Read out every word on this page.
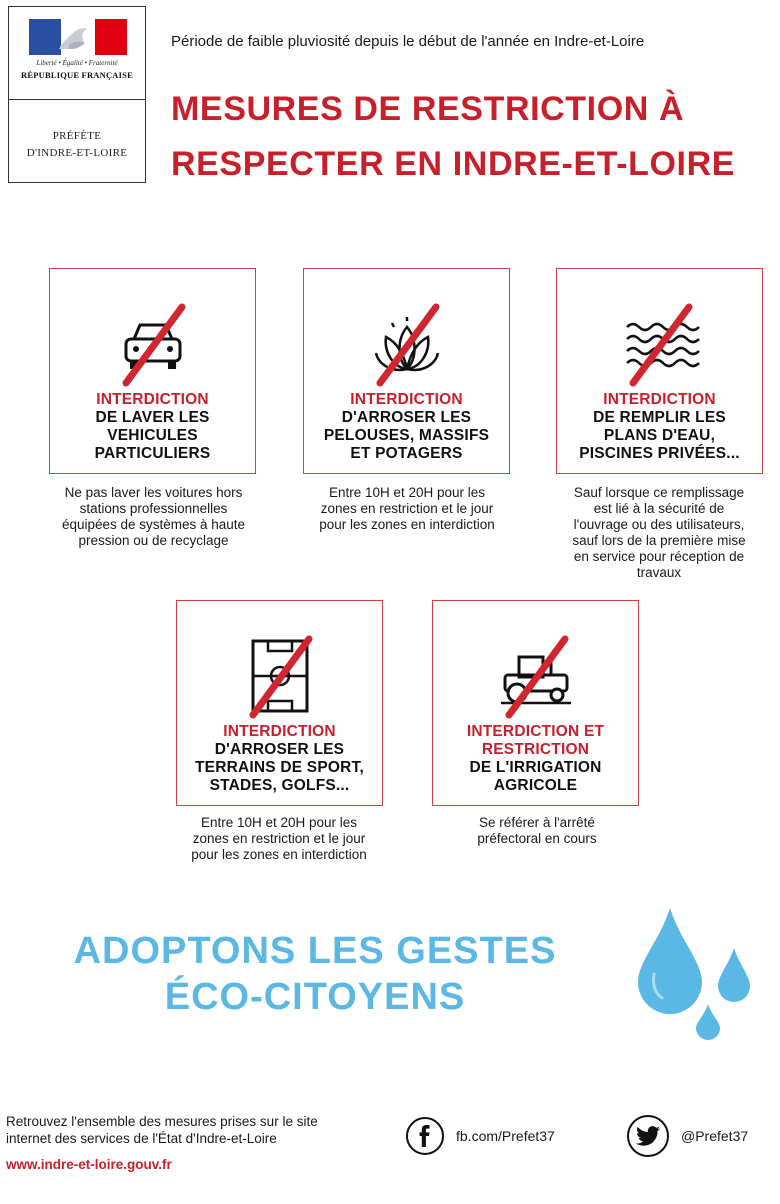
Liberté • Égalité • Fraternité
RÉPUBLIQUE FRANÇAISE
PRÉFÈTE
D'INDRE-ET-LOIRE
Période de faible pluviosité depuis le début de l'année en Indre-et-Loire
MESURES DE RESTRICTION À
RESPECTER EN INDRE-ET-LOIRE
INTERDICTION
DE LAVER LES
VEHICULES
PARTICULIERS
Ne pas laver les voitures hors
stations professionnelles
équipées de systèmes à haute
pression ou de recyclage
INTERDICTION
D'ARROSER LES
PELOUSES, MASSIFS
ET POTAGERS
Entre 10H et 20H pour les
zones en restriction et le jour
pour les zones en interdiction
INTERDICTION
DE REMPLIR LES
PLANS D'EAU,
PISCINES PRIVÉES...
Sauf lorsque ce remplissage
est lié à la sécurité de
l'ouvrage ou des utilisateurs,
sauf lors de la première mise
en service pour réception de
travaux
INTERDICTION
D'ARROSER LES
TERRAINS DE SPORT,
STADES, GOLFS...
Entre 10H et 20H pour les
zones en restriction et le jour
pour les zones en interdiction
INTERDICTION ET
RESTRICTION
DE L'IRRIGATION
AGRICOLE
Se référer à l'arrêté
préfectoral en cours
ADOPTONS LES GESTES
ÉCO-CITOYENS
Retrouvez l'ensemble des mesures prises sur le site
internet des services de l'État d'Indre-et-Loire
www.indre-et-loire.gouv.fr
fb.com/Prefet37	@Prefet37
